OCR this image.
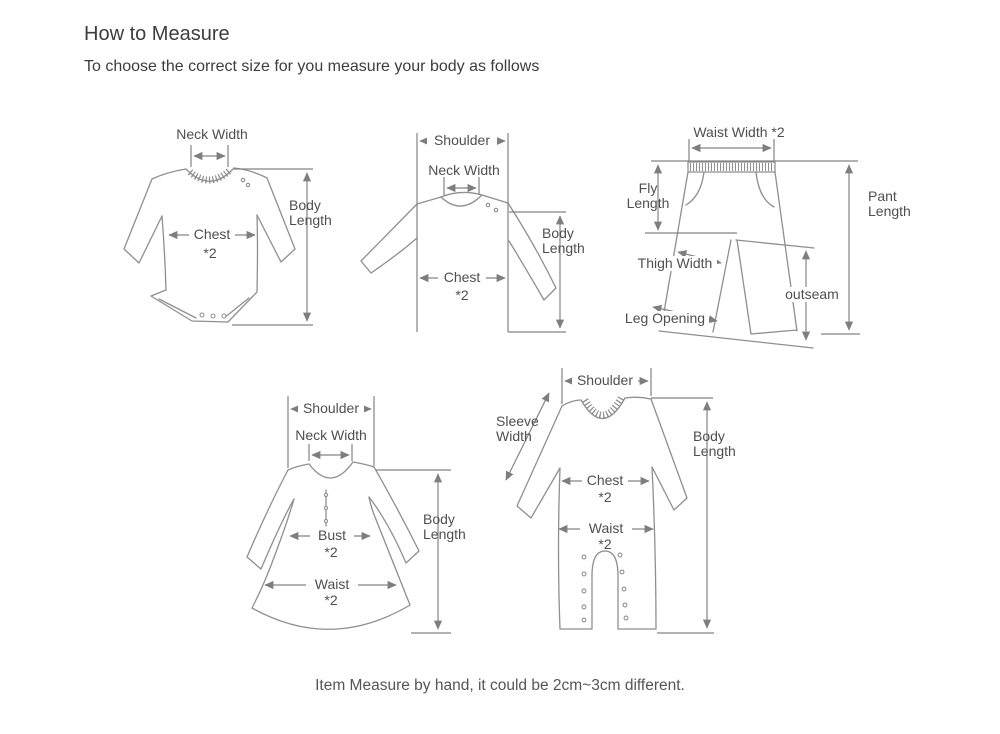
How to Measure

To choose the correct size for you measure your body as follows

Neck Width
Chest
*2
Body Length
Shoulder
Neck Width
Chest
*2
Body Length
Waist Width *2
Fly Length	Pant Length
Thigh Width
outseam
Leg Opening
Shoulder
Neck Width
Bust
*2
Waist
*2
Body Length
Shoulder
Sleeve Width
Chest
*2
Waist
*2
Body Length
Item Measure by hand, it could be 2cm~3cm different.
